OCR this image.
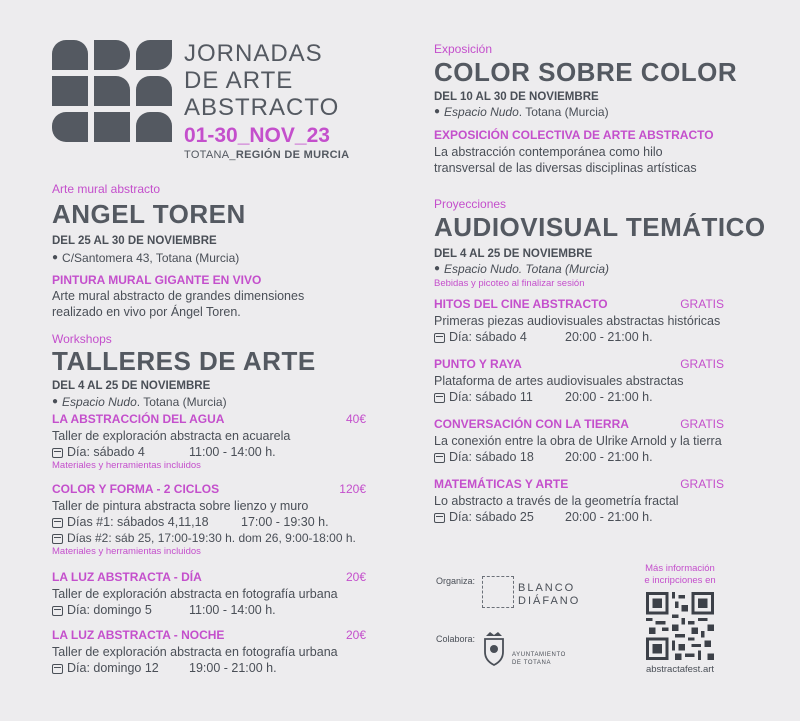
JORNADAS
DE ARTE
ABSTRACTO
01-30_NOV_23
TOTANA_REGIÓN DE MURCIA
Arte mural abstracto
ANGEL TOREN
DEL 25 AL 30 DE NOVIEMBRE
● C/Santomera 43, Totana (Murcia)
PINTURA MURAL GIGANTE EN VIVO
Arte mural abstracto de grandes dimensiones realizado en vivo por Ángel Toren.
Workshops
TALLERES DE ARTE
DEL 4 AL 25 DE NOVIEMBRE
● Espacio Nudo. Totana (Murcia)
LA ABSTRACCIÓN DEL AGUA	40€
Taller de exploración abstracta en acuarela
Día: sábado 4	11:00 - 14:00 h.
Materiales y herramientas incluidos
COLOR Y FORMA - 2 CICLOS	120€
Taller de pintura abstracta sobre lienzo y muro
Días #1: sábados 4,11,18	17:00 - 19:30 h.
Días #2: sáb 25, 17:00-19:30 h. dom 26, 9:00-18:00 h.
Materiales y herramientas incluidos
LA LUZ ABSTRACTA - DÍA	20€
Taller de exploración abstracta en fotografía urbana
Día: domingo 5	11:00 - 14:00 h.
LA LUZ ABSTRACTA - NOCHE	20€
Taller de exploración abstracta en fotografía urbana
Día: domingo 12	19:00 - 21:00 h.
Exposición
COLOR SOBRE COLOR
DEL 10 AL 30 DE NOVIEMBRE
● Espacio Nudo. Totana (Murcia)
EXPOSICIÓN COLECTIVA DE ARTE ABSTRACTO
La abstracción contemporánea como hilo
transversal de las diversas disciplinas artísticas
Proyecciones
AUDIOVISUAL TEMÁTICO
DEL 4 AL 25 DE NOVIEMBRE
● Espacio Nudo. Totana (Murcia)
Bebidas y picoteo al finalizar sesión
HITOS DEL CINE ABSTRACTO	GRATIS
Primeras piezas audiovisuales abstractas históricas
Día: sábado 4	20:00 - 21:00 h.
PUNTO Y RAYA	GRATIS
Plataforma de artes audiovisuales abstractas
Día: sábado 11	20:00 - 21:00 h.
CONVERSACIÓN CON LA TIERRA	GRATIS
La conexión entre la obra de Ulrike Arnold y la tierra
Día: sábado 18	20:00 - 21:00 h.
MATEMÁTICAS Y ARTE	GRATIS
Lo abstracto a través de la geometría fractal
Día: sábado 25	20:00 - 21:00 h.
Organiza:
BLANCO
DIÁFANO
Colabora:
AYUNTAMIENTO
DE TOTANA
Más información
e incripciones en
abstractafest.art
